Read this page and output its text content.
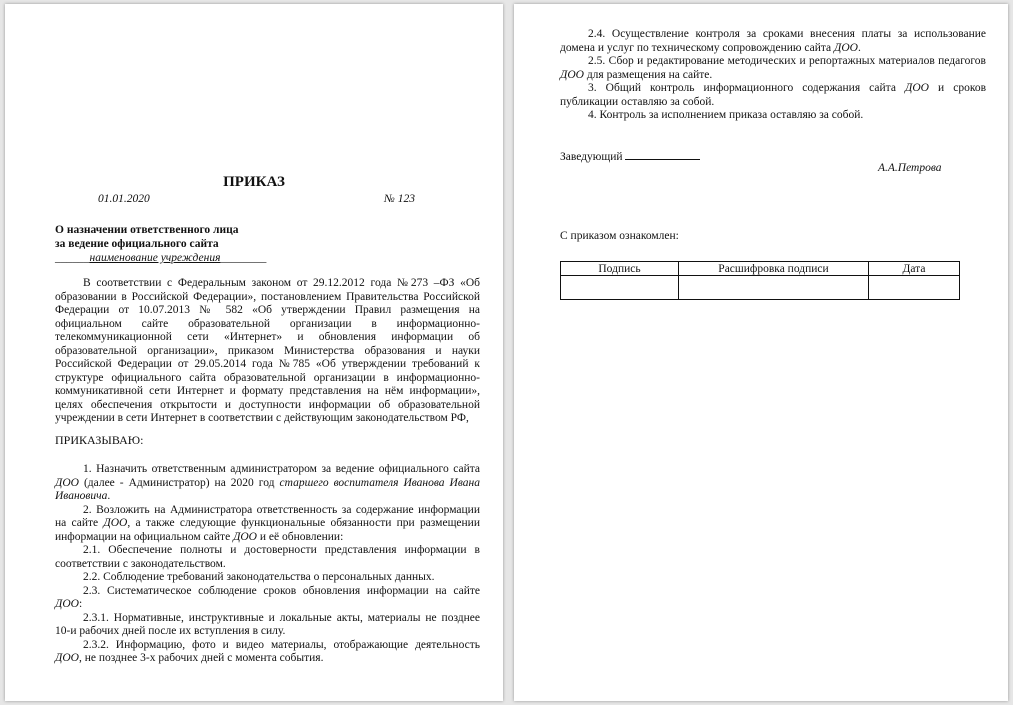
ПРИКАЗ
01.01.2020	№ 123
О назначении ответственного лица
за ведение официального сайта
______наименование учреждения________

В соответствии с Федеральным законом от 29.12.2012 года №273 –ФЗ «Об образовании в Российской Федерации», постановлением Правительства Российской Федерации от 10.07.2013 № 582 «Об утверждении Правил размещения на официальном сайте образовательной организации в информационно-телекоммуникационной сети «Интернет» и обновления информации об образовательной организации», приказом Министерства образования и науки Российской Федерации от 29.05.2014 года №785 «Об утверждении требований к структуре официального сайта образовательной организации в информационно-коммуникативной сети Интернет и формату представления на нём информации», целях обеспечения открытости и доступности информации об образовательной учреждении в сети Интернет в соответствии с действующим законодательством РФ,

ПРИКАЗЫВАЮ:

1. Назначить ответственным администратором за ведение официального сайта ДОО (далее - Администратор) на 2020 год старшего воспитателя Иванова Ивана Ивановича.

2. Возложить на Администратора ответственность за содержание информации на сайте ДОО, а также следующие функциональные обязанности при размещении информации на официальном сайте ДОО и её обновлении:

2.1. Обеспечение полноты и достоверности представления информации в соответствии с законодательством.

2.2. Соблюдение требований законодательства о персональных данных.

2.3. Систематическое соблюдение сроков обновления информации на сайте ДОО:

2.3.1. Нормативные, инструктивные и локальные акты, материалы не позднее 10-и рабочих дней после их вступления в силу.

2.3.2. Информацию, фото и видео материалы, отображающие деятельность ДОО, не позднее 3-х рабочих дней с момента события.

2.4. Осуществление контроля за сроками внесения платы за использование домена и услуг по техническому сопровождению сайта ДОО.

2.5. Сбор и редактирование методических и репортажных материалов педагогов ДОО для размещения на сайте.

3. Общий контроль информационного содержания сайта ДОО и сроков публикации оставляю за собой.

4. Контроль за исполнением приказа оставляю за собой.

Заведующий
А.А.Петрова
С приказом ознакомлен:
Подпись	Расшифровка подписи	Дата
